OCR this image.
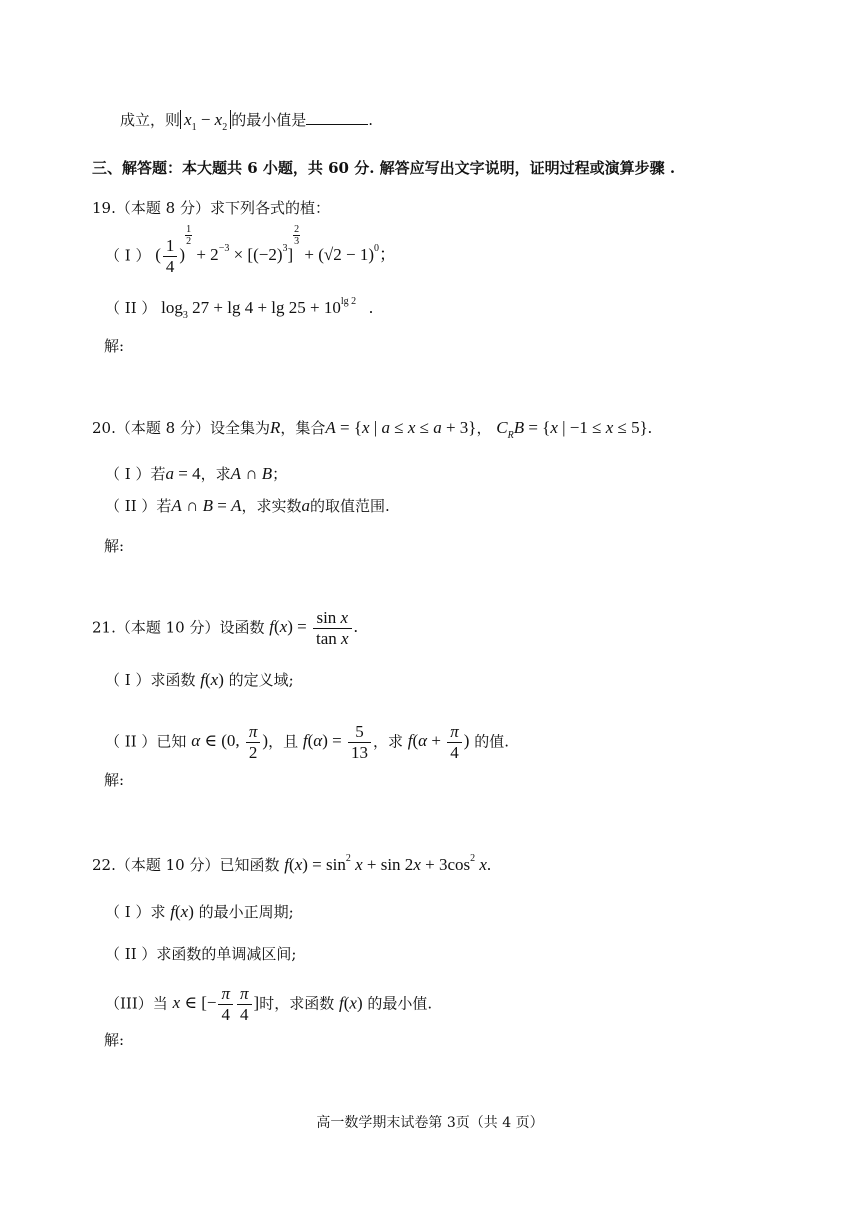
成立，则 $x_1 - x_2$ 的最小值是	.
三、解答题：本大题共 6 小题，共 60 分. 解答应写出文字说明，证明过程或演算步骤 .
19.（本题 8 分）求下列各式的植：
（ I ） ( $\frac{1}{4}$ )
$\frac{1}{2}$
+ $2^{-3} \times [(-2)^3]$
$\frac{2}{3}$
+ $(√2 - 1)^0$；
（ II ） $\log_3 27 + \lg 4 + \lg 25 + 10^{lg 2}$   .
解:
20.（本题 8 分）设全集为R，集合A = {x | a ≤ x ≤ a + 3}， $C_RB = \{x$ | −1 ≤ x ≤ 5}.
（ I ）若a = 4，求A ∩ B；
（ II ）若A ∩ B = A，求实数a的取值范围.
解:
21.（本题 10 分）设函数 $f(x) = \frac{\text{sin x}}{\text{tan x}}$ .
（ I ）求函数 f(x) 的定义域;
（ II ）已知 α ∈ (0, $\frac{\pi}{2}$ )，且 $f(\alpha) = \frac{5}{13}$ ，求 $f(\alpha + \frac{\pi}{4}$ ) 的值.
解:
22.（本题 10 分）已知函数 $f(x) = \sin^2 x + \sin 2x + 3\cos^2$ x.
（ I ）求 f(x) 的最小正周期;
（ II ）求函数的单调减区间;
（III）当 x ∈ [− $\frac{\pi}{4} \frac{\pi}{4}$ ]时，求函数 f(x) 的最小值.
解:
高一数学期末试卷第 3页（共 4 页）
